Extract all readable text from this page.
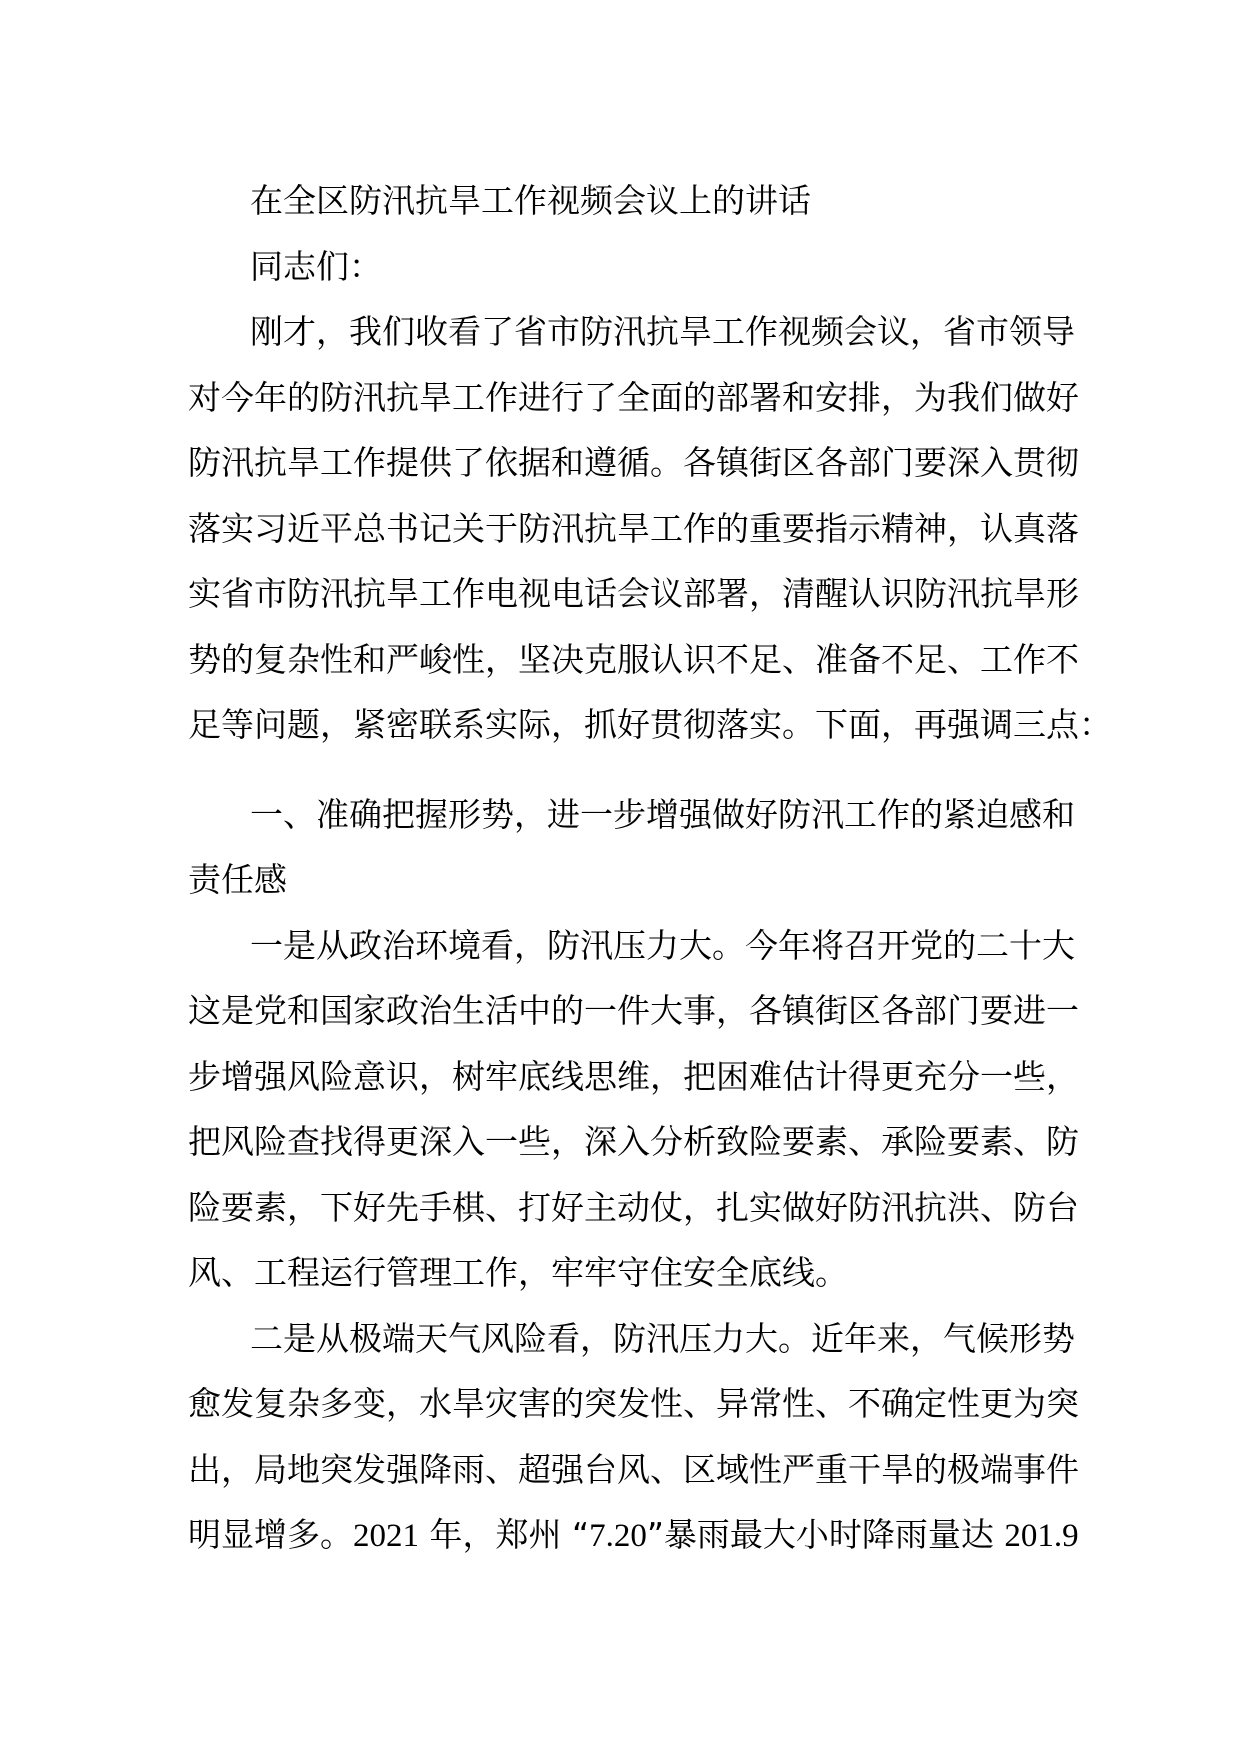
在全区防汛抗旱工作视频会议上的讲话
同志们：
刚才，我们收看了省市防汛抗旱工作视频会议，省市领导
对今年的防汛抗旱工作进行了全面的部署和安排，为我们做好
防汛抗旱工作提供了依据和遵循。各镇街区各部门要深入贯彻
落实习近平总书记关于防汛抗旱工作的重要指示精神，认真落
实省市防汛抗旱工作电视电话会议部署，清醒认识防汛抗旱形
势的复杂性和严峻性，坚决克服认识不足、准备不足、工作不
足等问题，紧密联系实际，抓好贯彻落实。下面，再强调三点：
一、准确把握形势，进一步增强做好防汛工作的紧迫感和
责任感
一是从政治环境看，防汛压力大。今年将召开党的二十大
这是党和国家政治生活中的一件大事，各镇街区各部门要进一
步增强风险意识，树牢底线思维，把困难估计得更充分一些，
把风险查找得更深入一些，深入分析致险要素、承险要素、防
险要素，下好先手棋、打好主动仗，扎实做好防汛抗洪、防台
风、工程运行管理工作，牢牢守住安全底线。
二是从极端天气风险看，防汛压力大。近年来，气候形势
愈发复杂多变，水旱灾害的突发性、异常性、不确定性更为突
出，局地突发强降雨、超强台风、区域性严重干旱的极端事件
明显增多。2021 年，郑州 “7.20”暴雨最大小时降雨量达 201.9
